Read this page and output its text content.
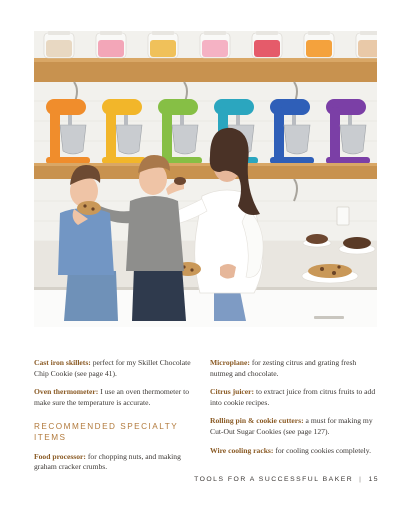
Cast iron skillets: perfect for my Skillet Chocolate Chip Cookie (see page 41).

Oven thermometer: I use an oven thermometer to make sure the temperature is accurate.

RECOMMENDED SPECIALTY ITEMS

Food processor: for chopping nuts, and making graham cracker crumbs.

Microplane: for zesting citrus and grating fresh nutmeg and chocolate.

Citrus juicer: to extract juice from citrus fruits to add into cookie recipes.

Rolling pin & cookie cutters: a must for making my Cut-Out Sugar Cookies (see page 127).

Wire cooling racks: for cooling cookies completely.

TOOLS FOR A SUCCESSFUL BAKER | 15
